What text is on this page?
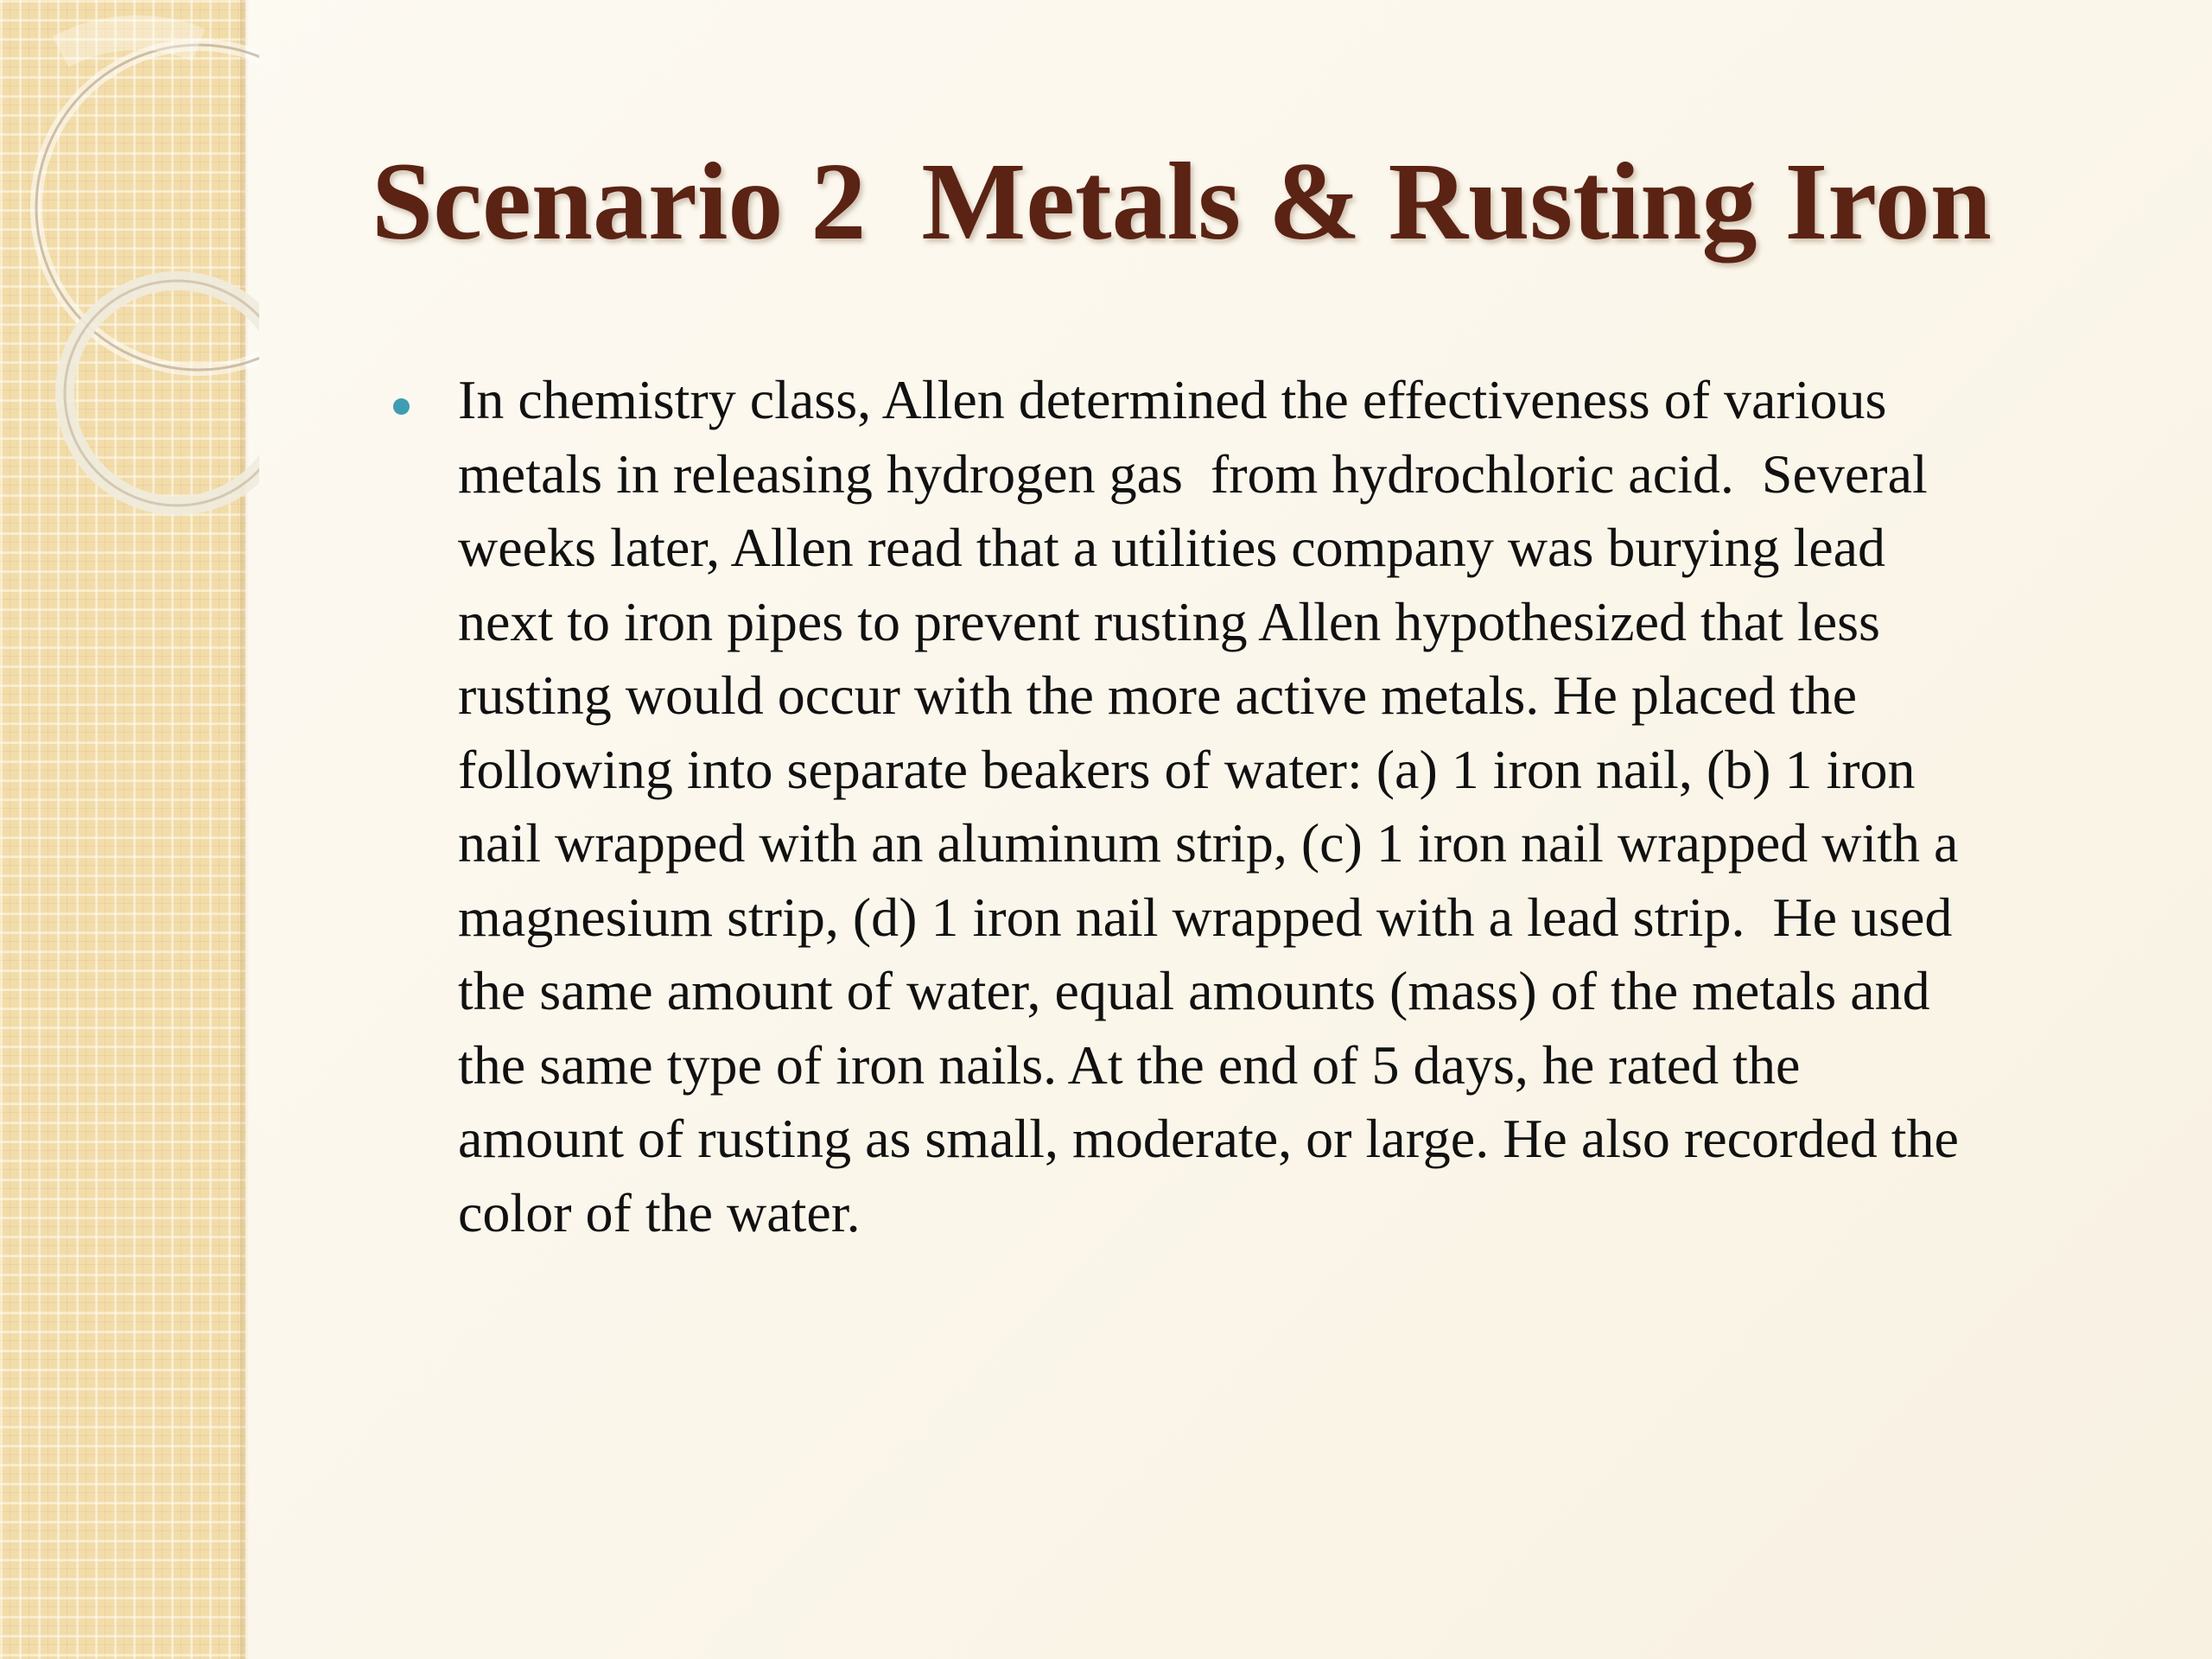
Scenario 2  Metals & Rusting Iron

In chemistry class, Allen determined the effectiveness of various
metals in releasing hydrogen gas  from hydrochloric acid.  Several
weeks later, Allen read that a utilities company was burying lead
next to iron pipes to prevent rusting Allen hypothesized that less
rusting would occur with the more active metals. He placed the
following into separate beakers of water: (a) 1 iron nail, (b) 1 iron
nail wrapped with an aluminum strip, (c) 1 iron nail wrapped with a
magnesium strip, (d) 1 iron nail wrapped with a lead strip.  He used
the same amount of water, equal amounts (mass) of the metals and
the same type of iron nails. At the end of 5 days, he rated the
amount of rusting as small, moderate, or large. He also recorded the
color of the water.
